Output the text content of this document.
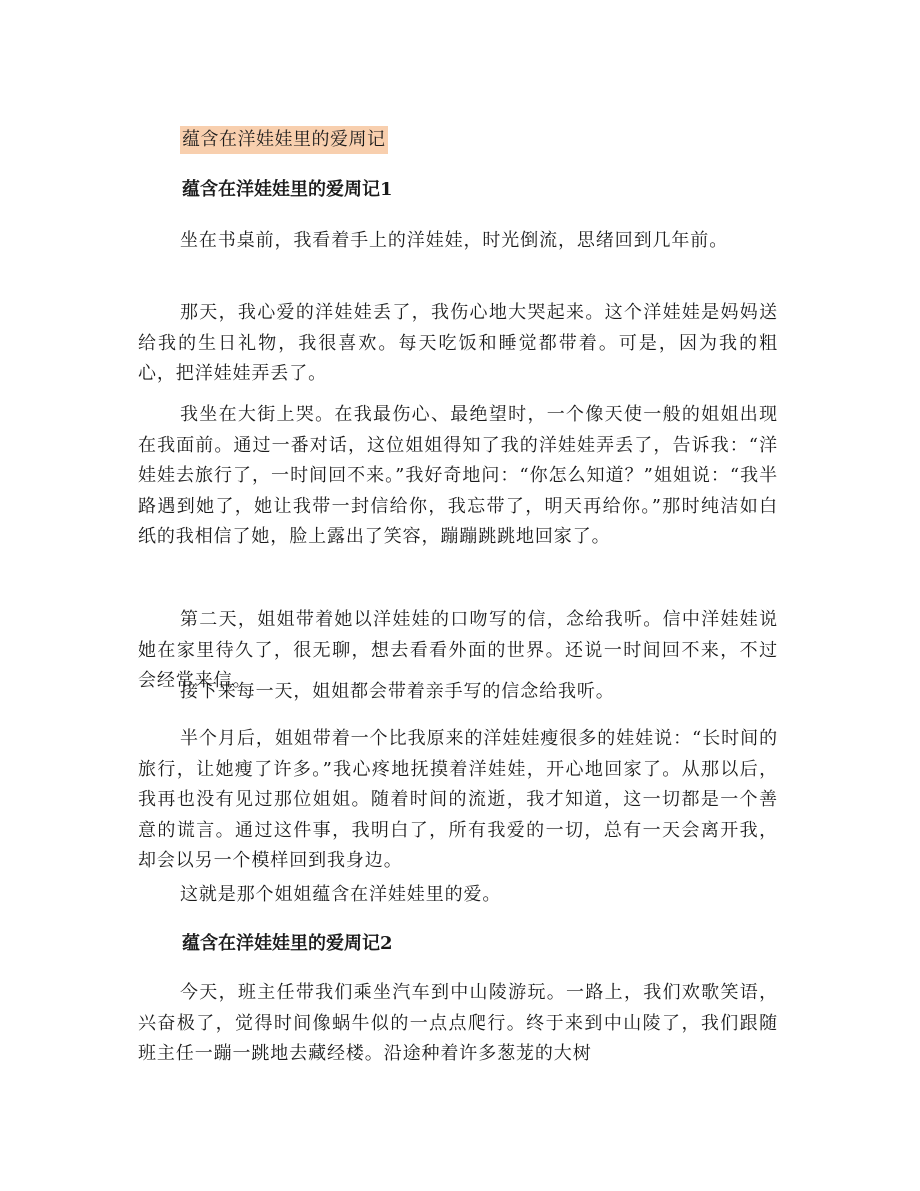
蕴含在洋娃娃里的爱周记
蕴含在洋娃娃里的爱周记1

坐在书桌前，我看着手上的洋娃娃，时光倒流，思绪回到几年前。

那天，我心爱的洋娃娃丢了，我伤心地大哭起来。这个洋娃娃是妈妈送给我的生日礼物，我很喜欢。每天吃饭和睡觉都带着。可是，因为我的粗心，把洋娃娃弄丢了。

我坐在大街上哭。在我最伤心、最绝望时，一个像天使一般的姐姐出现在我面前。通过一番对话，这位姐姐得知了我的洋娃娃弄丢了，告诉我：“洋娃娃去旅行了，一时间回不来。”我好奇地问：“你怎么知道？”姐姐说：“我半路遇到她了，她让我带一封信给你，我忘带了，明天再给你。”那时纯洁如白纸的我相信了她，脸上露出了笑容，蹦蹦跳跳地回家了。

第二天，姐姐带着她以洋娃娃的口吻写的信，念给我听。信中洋娃娃说她在家里待久了，很无聊，想去看看外面的世界。还说一时间回不来，不过会经常来信。

接下来每一天，姐姐都会带着亲手写的信念给我听。

半个月后，姐姐带着一个比我原来的洋娃娃瘦很多的娃娃说：“长时间的旅行，让她瘦了许多。”我心疼地抚摸着洋娃娃，开心地回家了。从那以后，我再也没有见过那位姐姐。随着时间的流逝，我才知道，这一切都是一个善意的谎言。通过这件事，我明白了，所有我爱的一切，总有一天会离开我，却会以另一个模样回到我身边。

这就是那个姐姐蕴含在洋娃娃里的爱。

蕴含在洋娃娃里的爱周记2

今天，班主任带我们乘坐汽车到中山陵游玩。一路上，我们欢歌笑语，兴奋极了，觉得时间像蜗牛似的一点点爬行。终于来到中山陵了，我们跟随班主任一蹦一跳地去藏经楼。沿途种着许多葱茏的大树
